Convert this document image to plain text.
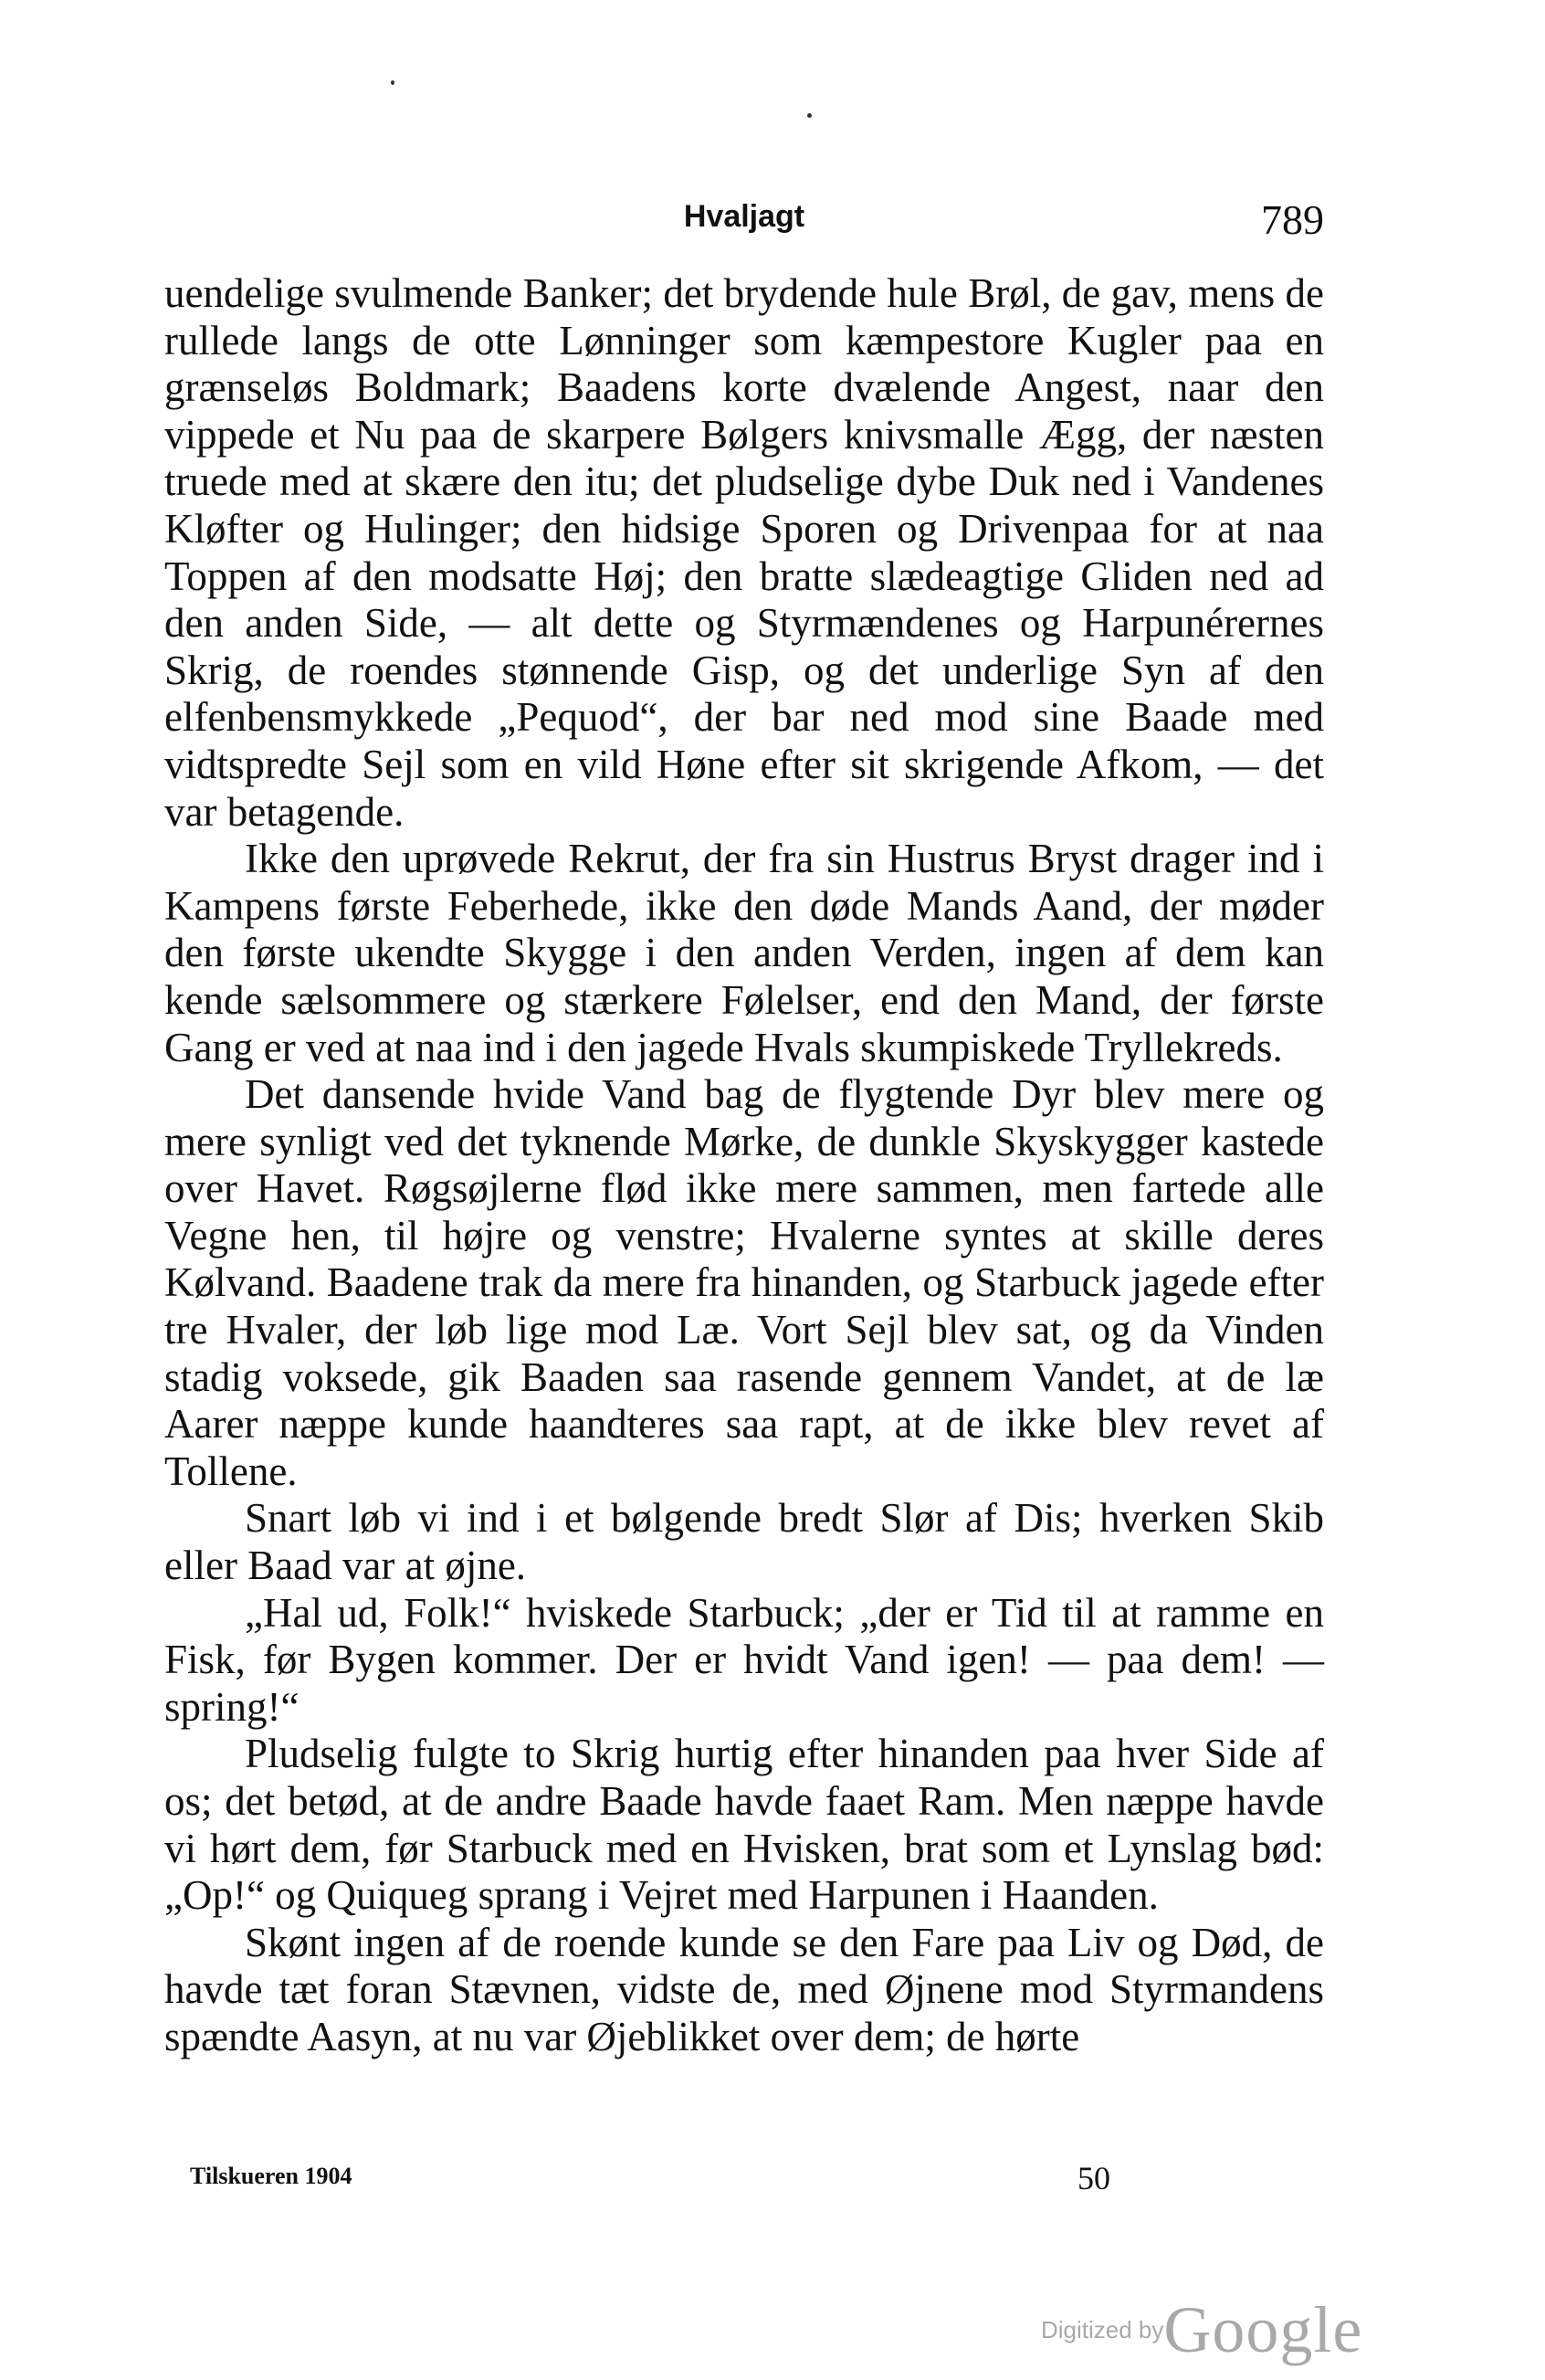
Hvaljagt	789

uendelige svulmende Banker; det brydende hule Brøl, de gav, mens de rullede langs de otte Lønninger som kæmpestore Kugler paa en grænseløs Boldmark; Baadens korte dvælende Angest, naar den vippede et Nu paa de skarpere Bølgers knivsmalle Ægg, der næsten truede med at skære den itu; det pludselige dybe Duk ned i Vandenes Kløfter og Hulinger; den hidsige Sporen og Drivenpaa for at naa Toppen af den modsatte Høj; den bratte slædeagtige Gliden ned ad den anden Side, — alt dette og Styrmændenes og Harpunérernes Skrig, de roendes stønnende Gisp, og det underlige Syn af den elfenbensmykkede „Pequod“, der bar ned mod sine Baade med vidtspredte Sejl som en vild Høne efter sit skrigende Afkom, — det var betagende.

Ikke den uprøvede Rekrut, der fra sin Hustrus Bryst drager ind i Kampens første Feberhede, ikke den døde Mands Aand, der møder den første ukendte Skygge i den anden Verden, ingen af dem kan kende sælsommere og stærkere Følelser, end den Mand, der første Gang er ved at naa ind i den jagede Hvals skumpiskede Tryllekreds.

Det dansende hvide Vand bag de flygtende Dyr blev mere og mere synligt ved det tyknende Mørke, de dunkle Skyskygger kastede over Havet. Røgsøjlerne flød ikke mere sammen, men fartede alle Vegne hen, til højre og venstre; Hvalerne syntes at skille deres Kølvand. Baadene trak da mere fra hinanden, og Starbuck jagede efter tre Hvaler, der løb lige mod Læ. Vort Sejl blev sat, og da Vinden stadig voksede, gik Baaden saa rasende gennem Vandet, at de læ Aarer næppe kunde haandteres saa rapt, at de ikke blev revet af Tollene.

Snart løb vi ind i et bølgende bredt Slør af Dis; hverken Skib eller Baad var at øjne.

„Hal ud, Folk!“ hviskede Starbuck; „der er Tid til at ramme en Fisk, før Bygen kommer. Der er hvidt Vand igen! — paa dem! — spring!“

Pludselig fulgte to Skrig hurtig efter hinanden paa hver Side af os; det betød, at de andre Baade havde faaet Ram. Men næppe havde vi hørt dem, før Starbuck med en Hvisken, brat som et Lynslag bød: „Op!“ og Quiqueg sprang i Vejret med Harpunen i Haanden.

Skønt ingen af de roende kunde se den Fare paa Liv og Død, de havde tæt foran Stævnen, vidste de, med Øjnene mod Styrmandens spændte Aasyn, at nu var Øjeblikket over dem; de hørte

Tilskueren 1904	50
Digitized byGoogle
